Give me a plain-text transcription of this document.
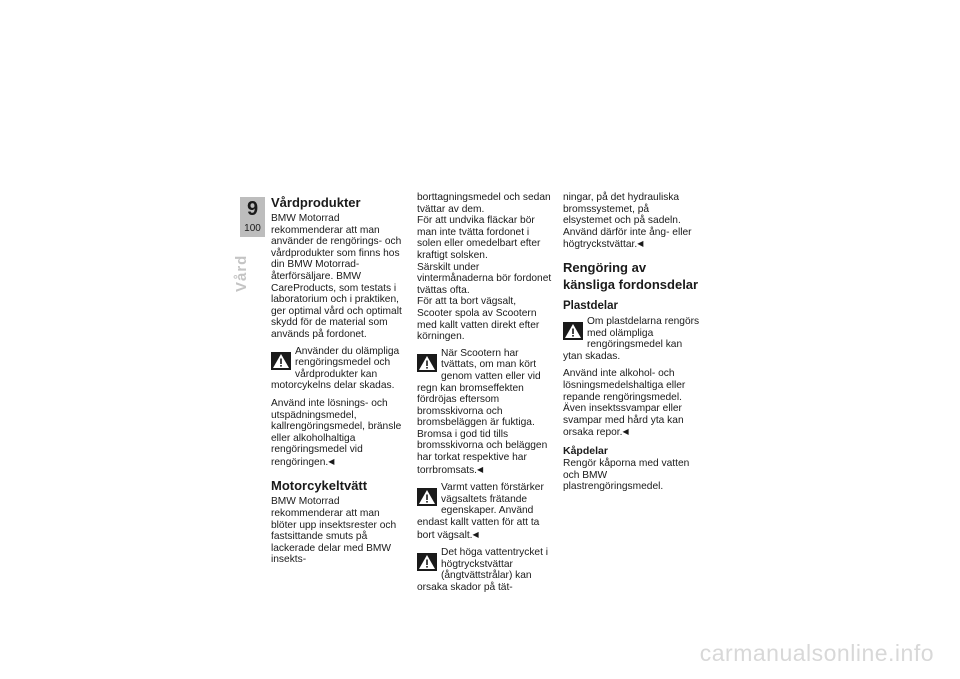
9
100
Vård
Vårdprodukter

BMW Motorrad rekommenderar att man använder de rengörings- och vårdprodukter som finns hos din BMW Motorrad-återförsäljare. BMW CareProducts, som testats i laboratorium och i praktiken, ger optimal vård och optimalt skydd för de material som används på fordonet.

Använder du olämpliga rengöringsmedel och vårdprodukter kan motorcykelns delar skadas.

Använd inte lösnings- och utspädningsmedel, kallrengöringsmedel, bränsle eller alkoholhaltiga rengöringsmedel vid rengöringen.◀

Motorcykeltvätt

BMW Motorrad rekommenderar att man blöter upp insektsrester och fastsittande smuts på lackerade delar med BMW insekts-

borttagningsmedel och sedan tvättar av dem.

För att undvika fläckar bör man inte tvätta fordonet i solen eller omedelbart efter kraftigt solsken.

Särskilt under vintermånaderna bör fordonet tvättas ofta.

För att ta bort vägsalt, Scooter spola av Scootern med kallt vatten direkt efter körningen.

När Scootern har tvättats, om man kört genom vatten eller vid regn kan bromseffekten fördröjas eftersom bromsskivorna och bromsbeläggen är fuktiga. Bromsa i god tid tills bromsskivorna och beläggen har torkat respektive har torrbromsats.◀
Varmt vatten förstärker vägsaltets frätande egenskaper. Använd endast kallt vatten för att ta bort vägsalt.◀
Det höga vattentrycket i högtryckstvättar (ångtvättstrålar) kan orsaka skador på tät-

ningar, på det hydrauliska bromssystemet, på elsystemet och på sadeln.

Använd därför inte ång- eller högtryckstvättar.◀

Rengöring av känsliga fordonsdelar
Plastdelar
Om plastdelarna rengörs med olämpliga rengöringsmedel kan ytan skadas.

Använd inte alkohol- och lösningsmedelshaltiga eller repande rengöringsmedel.

Även insektssvampar eller svampar med hård yta kan orsaka repor.◀

Kåpdelar

Rengör kåporna med vatten och BMW plastrengöringsmedel.

carmanualsonline.info
